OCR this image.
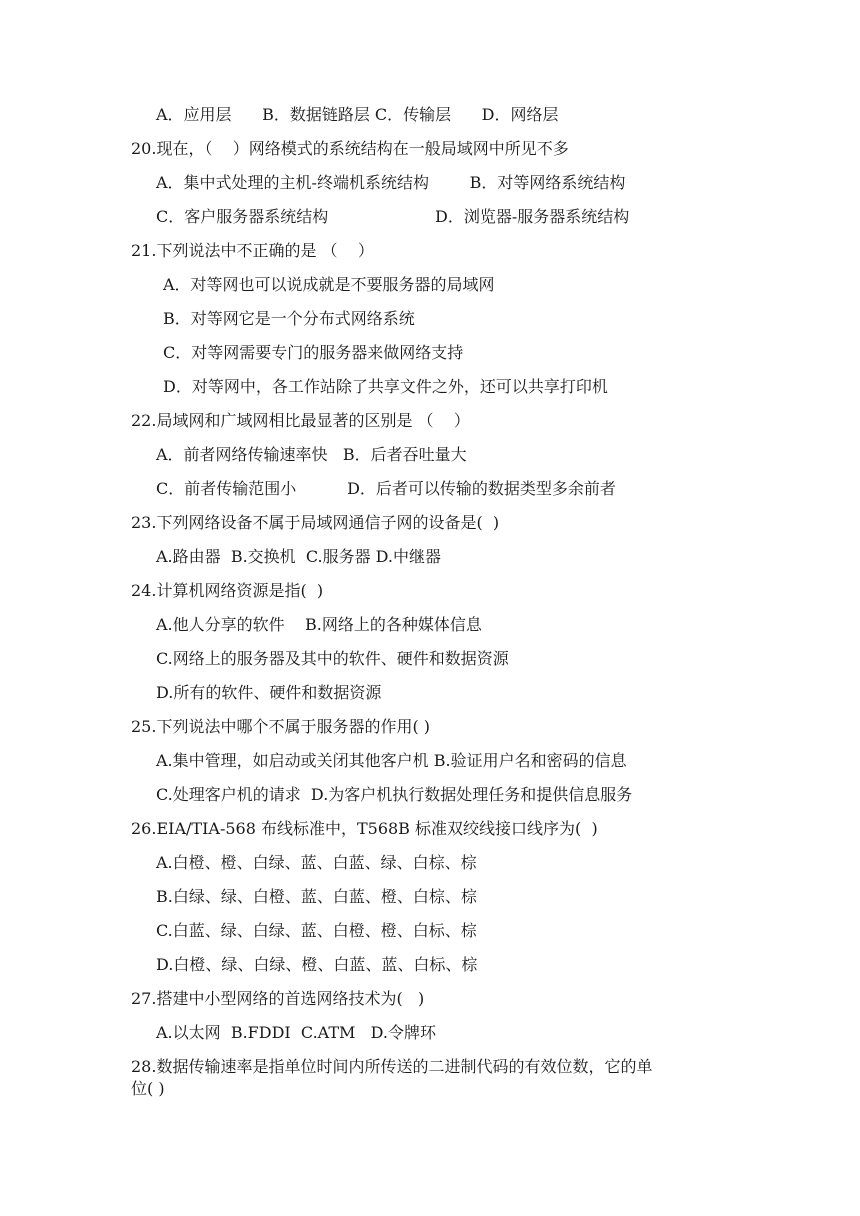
A．应用层      B．数据链路层 C．传输层      D．网络层
20.现在，（    ）网络模式的系统结构在一般局域网中所见不多
A．集中式处理的主机-终端机系统结构        B．对等网络系统结构
C．客户服务器系统结构                     D．浏览器-服务器系统结构
21.下列说法中不正确的是 （    ）
A．对等网也可以说成就是不要服务器的局域网
B．对等网它是一个分布式网络系统
C．对等网需要专门的服务器来做网络支持
D．对等网中，各工作站除了共享文件之外，还可以共享打印机
22.局域网和广域网相比最显著的区别是 （    ）
A．前者网络传输速率快   B．后者吞吐量大
C．前者传输范围小          D．后者可以传输的数据类型多余前者
23.下列网络设备不属于局域网通信子网的设备是(  )
A.路由器  B.交换机  C.服务器 D.中继器
24.计算机网络资源是指(  )
A.他人分享的软件    B.网络上的各种媒体信息
C.网络上的服务器及其中的软件、硬件和数据资源
D.所有的软件、硬件和数据资源
25.下列说法中哪个不属于服务器的作用( )
A.集中管理，如启动或关闭其他客户机 B.验证用户名和密码的信息
C.处理客户机的请求  D.为客户机执行数据处理任务和提供信息服务
26.EIA/TIA-568 布线标准中，T568B 标准双绞线接口线序为(  )
A.白橙、橙、白绿、蓝、白蓝、绿、白棕、棕
B.白绿、绿、白橙、蓝、白蓝、橙、白棕、棕
C.白蓝、绿、白绿、蓝、白橙、橙、白标、棕
D.白橙、绿、白绿、橙、白蓝、蓝、白标、棕
27.搭建中小型网络的首选网络技术为(   )
A.以太网  B.FDDI  C.ATM   D.令牌环
28.数据传输速率是指单位时间内所传送的二进制代码的有效位数，它的单
位( )
